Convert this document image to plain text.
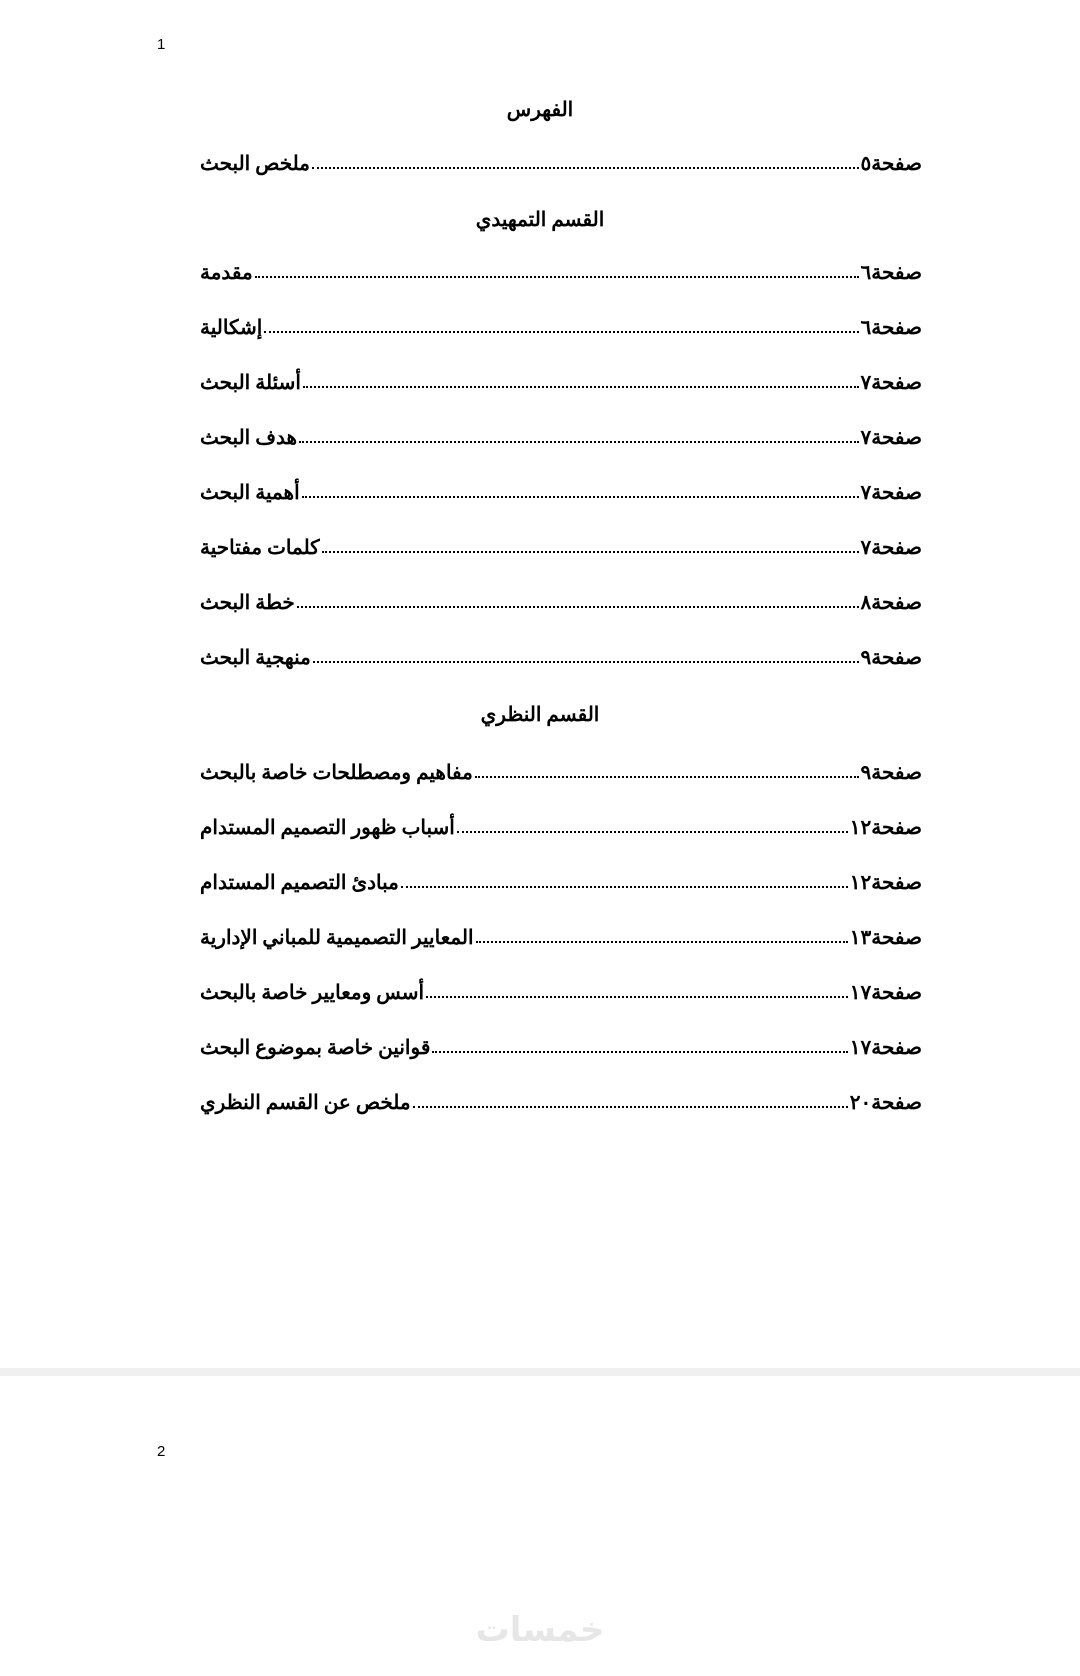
1
الفهرس
ملخص البحث	صفحة٥
القسم التمهيدي
مقدمة	صفحة٦
إشكالية	صفحة٦
أسئلة البحث	صفحة٧
هدف البحث	صفحة٧
أهمية البحث	صفحة٧
كلمات مفتاحية	صفحة٧
خطة البحث	صفحة٨
منهجية البحث	صفحة٩
القسم النظري
مفاهيم ومصطلحات خاصة بالبحث	صفحة٩
أسباب ظهور التصميم المستدام	صفحة١٢
مبادئ التصميم المستدام	صفحة١٢
المعايير التصميمية للمباني الإدارية	صفحة١٣
أسس ومعايير خاصة بالبحث	صفحة١٧
قوانين خاصة بموضوع البحث	صفحة١٧
ملخص عن القسم النظري	صفحة٢٠
2
خمسات
